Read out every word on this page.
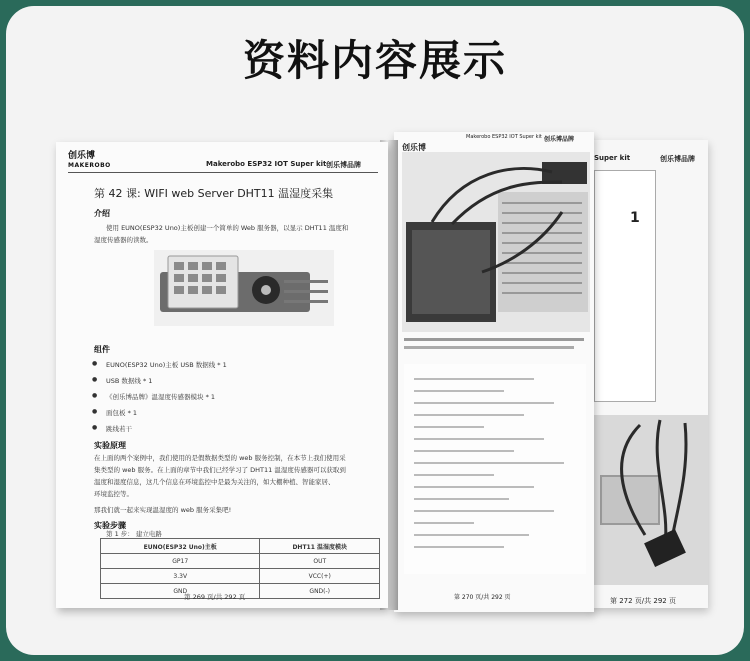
资料内容展示
Super kit	创乐博品牌
1
第 272 页/共 292 页
创乐博
Makerobo ESP32 IOT Super kit 创乐博品牌
第 270 页/共 292 页
创乐博
MAKEROBO	Makerobo ESP32 IOT Super kit 创乐博品牌
第 42 课: WIFI web Server DHT11 温湿度采集
介绍
使用 EUNO(ESP32 Uno)主板创建一个简单的 Web 服务器，以显示 DHT11 温度和
湿度传感器的读数。
组件
● EUNO(ESP32 Uno)主板 USB 数据线 * 1
● USB 数据线 * 1
● 《创乐博品牌》温湿度传感器模块 * 1
● 面包板 * 1
● 跳线若干
实验原理
在上面的两个案例中，我们使用的是假数据类型的 web 服务控制，在本节上我们使用采
集类型的 web 服务。在上面的章节中我们已经学习了 DHT11 温湿度传感器可以获取到
温度和湿度信息，这几个信息在环境监控中是最为关注的，如大棚种植、智能家居、
环境监控等。
那我们就一起来实现温湿度的 web 服务采集吧!
实验步骤
第 1 步： 建立电路
EUNO(ESP32 Uno)主板	DHT11 温湿度模块
GP17	OUT
3.3V	VCC(+)
GND	GND(-)
第 269 页/共 292 页
